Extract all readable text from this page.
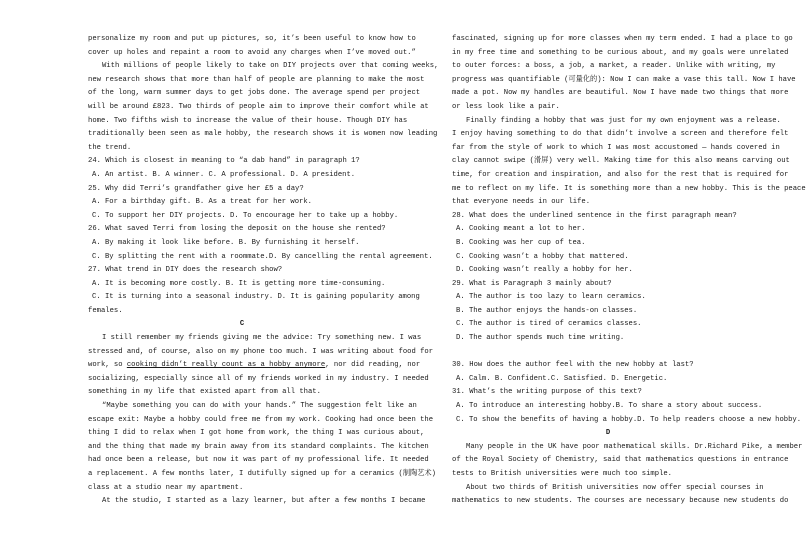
personalize my room and put up pictures, so, it’s been useful to know how to
cover up holes and repaint a room to avoid any charges when I’ve moved out.”
With millions of people likely to take on DIY projects over that coming weeks,
new research shows that more than half of people are planning to make the most
of the long, warm summer days to get jobs done. The average spend per project
will be around £823. Two thirds of people aim to improve their comfort while at
home. Two fifths wish to increase the value of their house. Though DIY has
traditionally been seen as male hobby, the research shows it is women now leading
the trend.
24. Which is closest in meaning to “a dab hand” in paragraph 1?
A. An artist. B. A winner. C. A professional. D. A president.
25. Why did Terri’s grandfather give her £5 a day?
A. For a birthday gift. B. As a treat for her work.
C. To support her DIY projects. D. To encourage her to take up a hobby.
26. What saved Terri from losing the deposit on the house she rented?
A. By making it look like before. B. By furnishing it herself.
C. By splitting the rent with a roommate.D. By cancelling the rental agreement.
27. What trend in DIY does the research show?
A. It is becoming more costly. B. It is getting more time-consuming.
C. It is turning into a seasonal industry. D. It is gaining popularity among
females.
C
I still remember my friends giving me the advice: Try something new. I was
stressed and, of course, also on my phone too much. I was writing about food for
work, so cooking didn’t really count as a hobby anymore, nor did reading, nor
socializing, especially since all of my friends worked in my industry. I needed
something in my life that existed apart from all that.
“Maybe something you can do with your hands.” The suggestion felt like an
escape exit: Maybe a hobby could free me from my work. Cooking had once been the
thing I did to relax when I got home from work, the thing I was curious about,
and the thing that made my brain away from its standard complaints. The kitchen
had once been a release, but now it was part of my professional life. It needed
a replacement. A few months later, I dutifully signed up for a ceramics (制陶艺术)
class at a studio near my apartment.
At the studio, I started as a lazy learner, but after a few months I became
fascinated, signing up for more classes when my term ended. I had a place to go
in my free time and something to be curious about, and my goals were unrelated
to outer forces: a boss, a job, a market, a reader. Unlike with writing, my
progress was quantifiable (可量化的): Now I can make a vase this tall. Now I have
made a pot. Now my handles are beautiful. Now I have made two things that more
or less look like a pair.
Finally finding a hobby that was just for my own enjoyment was a release.
I enjoy having something to do that didn’t involve a screen and therefore felt
far from the style of work to which I was most accustomed — hands covered in
clay cannot swipe (滑屏) very well. Making time for this also means carving out
time, for creation and inspiration, and also for the rest that is required for
me to reflect on my life. It is something more than a new hobby. This is the peace
that everyone needs in our life.
28. What does the underlined sentence in the first paragraph mean?
A. Cooking meant a lot to her.
B. Cooking was her cup of tea.
C. Cooking wasn’t a hobby that mattered.
D. Cooking wasn’t really a hobby for her.
29. What is Paragraph 3 mainly about?
A. The author is too lazy to learn ceramics.
B. The author enjoys the hands-on classes.
C. The author is tired of ceramics classes.
D. The author spends much time writing.
30. How does the author feel with the new hobby at last?
A. Calm. B. Confident.C. Satisfied. D. Energetic.
31. What’s the writing purpose of this text?
A. To introduce an interesting hobby.B. To share a story about success.
C. To show the benefits of having a hobby.D. To help readers choose a new hobby.
D
Many people in the UK have poor mathematical skills. Dr.Richard Pike, a member
of the Royal Society of Chemistry, said that mathematics questions in entrance
tests to British universities were much too simple.
About two thirds of British universities now offer special courses in
mathematics to new students. The courses are necessary because new students do
